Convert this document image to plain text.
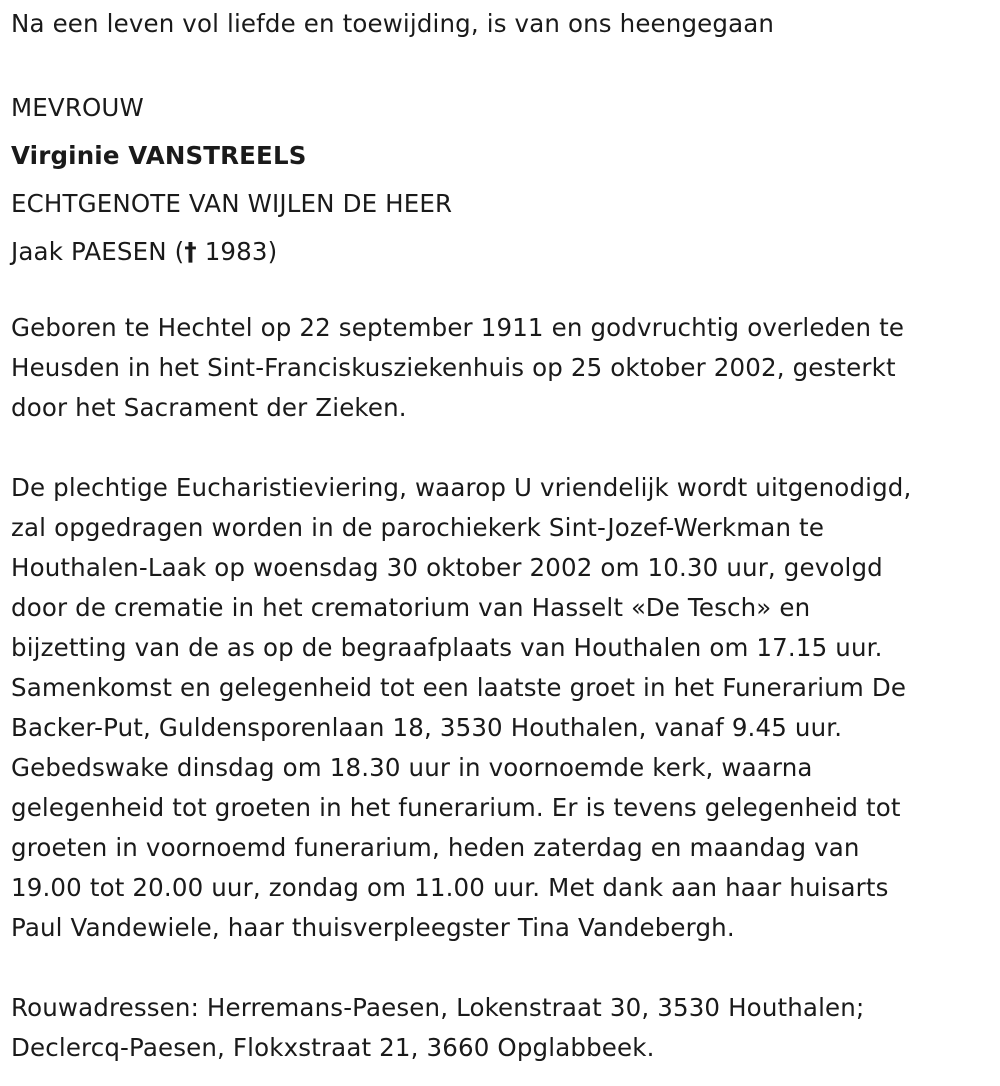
Na een leven vol liefde en toewijding, is van ons heengegaan

MEVROUW

Virginie VANSTREELS

ECHTGENOTE VAN WIJLEN DE HEER

Jaak PAESEN († 1983)

Geboren te Hechtel op 22 september 1911 en godvruchtig overleden te

Heusden in het Sint-Franciskusziekenhuis op 25 oktober 2002, gesterkt

door het Sacrament der Zieken.

De plechtige Eucharistieviering, waarop U vriendelijk wordt uitgenodigd,

zal opgedragen worden in de parochiekerk Sint-Jozef-Werkman te

Houthalen-Laak op woensdag 30 oktober 2002 om 10.30 uur, gevolgd

door de crematie in het crematorium van Hasselt «De Tesch» en

bijzetting van de as op de begraafplaats van Houthalen om 17.15 uur.

Samenkomst en gelegenheid tot een laatste groet in het Funerarium De

Backer-Put, Guldensporenlaan 18, 3530 Houthalen, vanaf 9.45 uur.

Gebedswake dinsdag om 18.30 uur in voornoemde kerk, waarna

gelegenheid tot groeten in het funerarium. Er is tevens gelegenheid tot

groeten in voornoemd funerarium, heden zaterdag en maandag van

19.00 tot 20.00 uur, zondag om 11.00 uur. Met dank aan haar huisarts

Paul Vandewiele, haar thuisverpleegster Tina Vandebergh.

Rouwadressen: Herremans-Paesen, Lokenstraat 30, 3530 Houthalen;

Declercq-Paesen, Flokxstraat 21, 3660 Opglabbeek.
